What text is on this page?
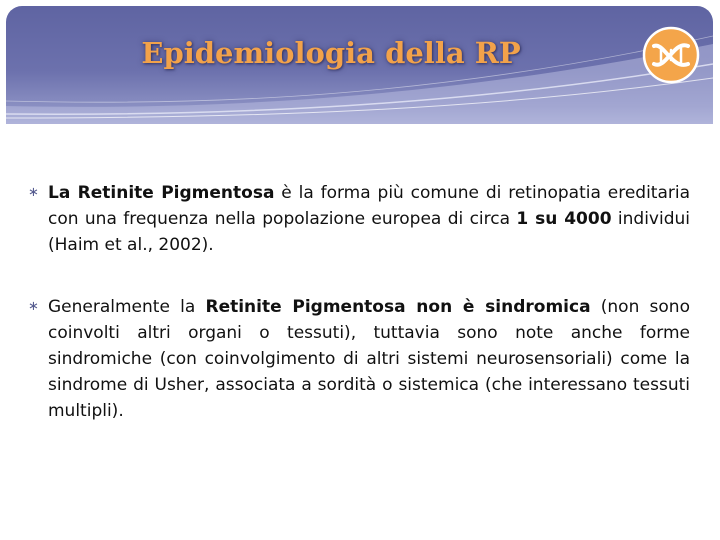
Epidemiologia della RP
∗ La Retinite Pigmentosa è la forma più comune di retinopatia ereditaria con una frequenza nella popolazione europea di circa 1 su 4000 individui (Haim et al., 2002).
∗ Generalmente la Retinite Pigmentosa non è sindromica (non sono coinvolti altri organi o tessuti), tuttavia sono note anche forme sindromiche (con coinvolgimento di altri sistemi neurosensoriali) come la sindrome di Usher, associata a sordità o sistemica (che interessano tessuti multipli).
